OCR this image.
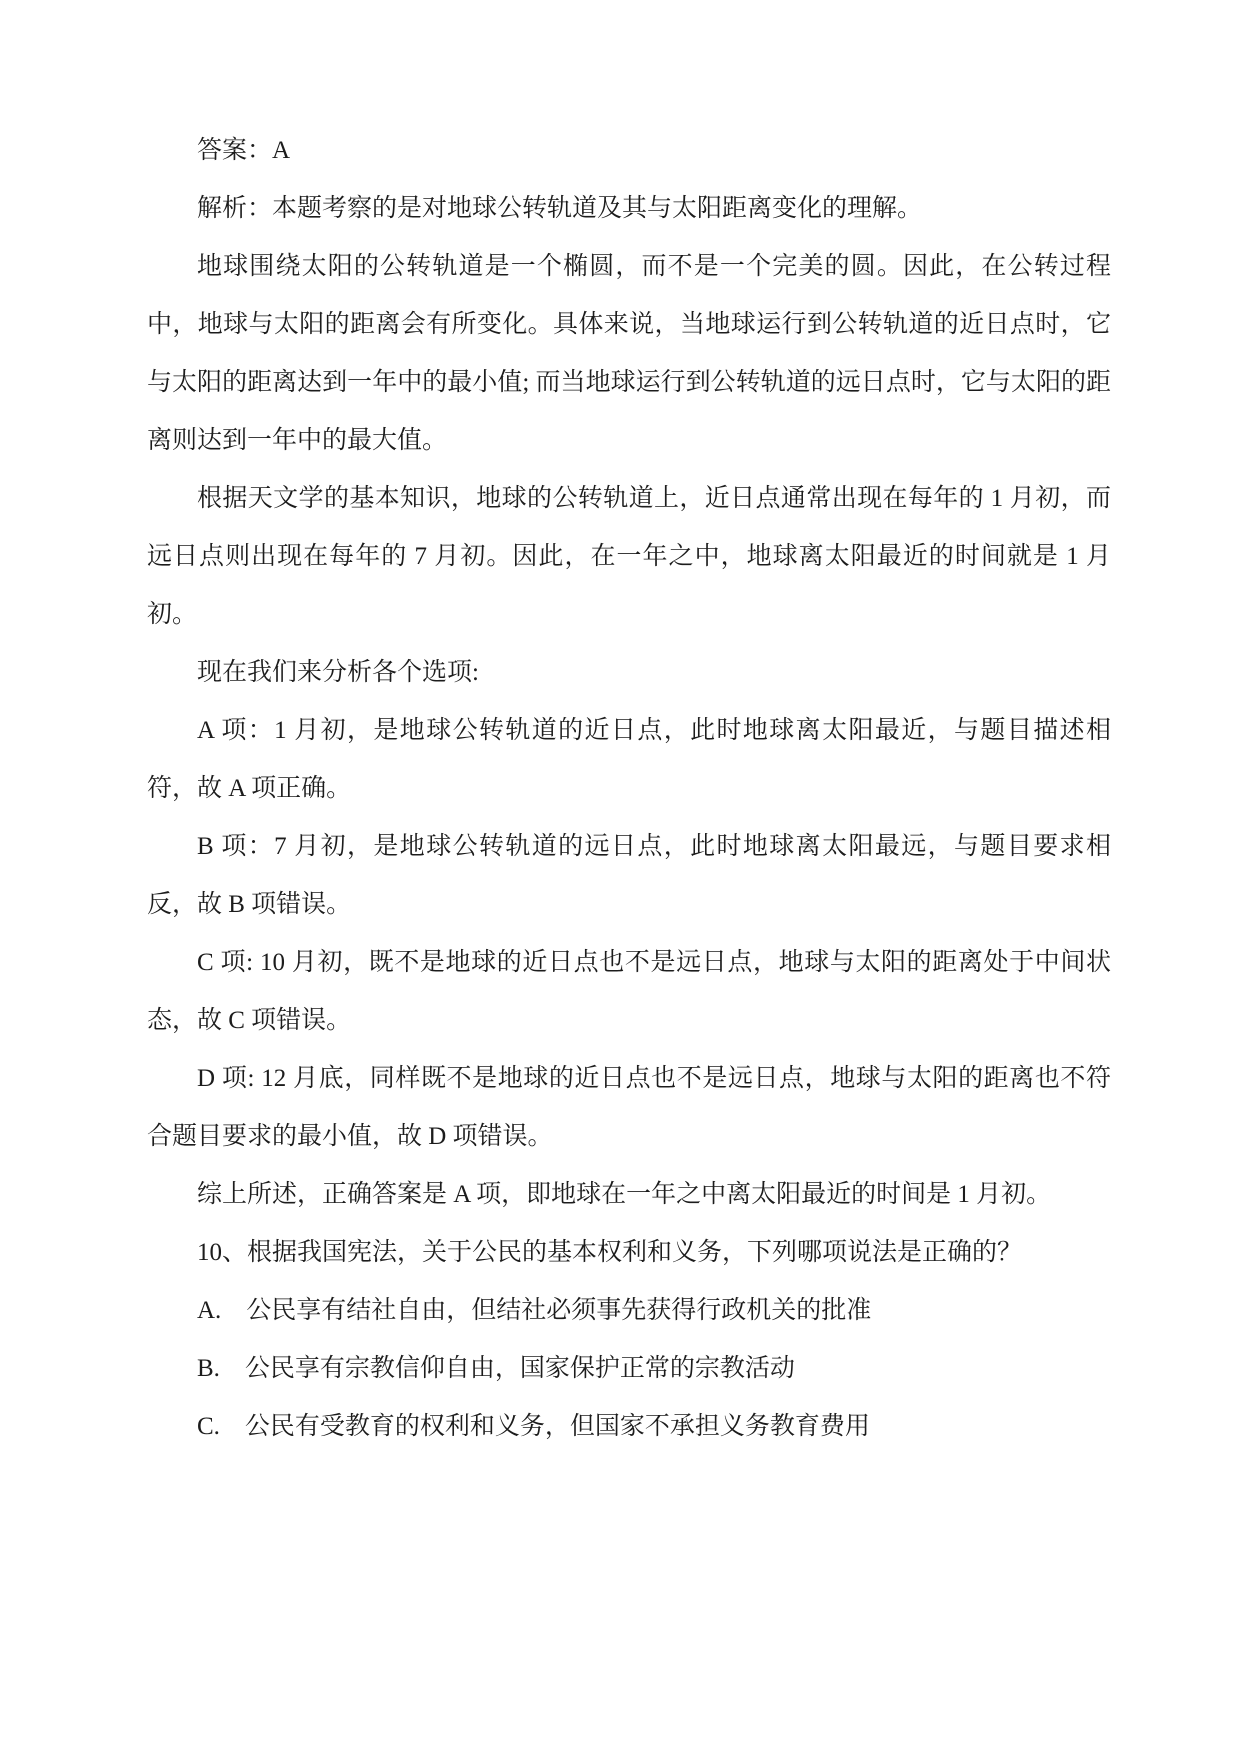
答案：A

解析：本题考察的是对地球公转轨道及其与太阳距离变化的理解。

地球围绕太阳的公转轨道是一个椭圆，而不是一个完美的圆。因此，在公转过程中，地球与太阳的距离会有所变化。具体来说，当地球运行到公转轨道的近日点时，它与太阳的距离达到一年中的最小值; 而当地球运行到公转轨道的远日点时，它与太阳的距离则达到一年中的最大值。

根据天文学的基本知识，地球的公转轨道上，近日点通常出现在每年的 1 月初，而远日点则出现在每年的 7 月初。因此，在一年之中，地球离太阳最近的时间就是 1 月初。

现在我们来分析各个选项:

A 项：1 月初，是地球公转轨道的近日点，此时地球离太阳最近，与题目描述相符，故 A 项正确。

B 项：7 月初，是地球公转轨道的远日点，此时地球离太阳最远，与题目要求相反，故 B 项错误。

C 项: 10 月初，既不是地球的近日点也不是远日点，地球与太阳的距离处于中间状态，故 C 项错误。

D 项: 12 月底，同样既不是地球的近日点也不是远日点，地球与太阳的距离也不符合题目要求的最小值，故 D 项错误。

综上所述，正确答案是 A 项，即地球在一年之中离太阳最近的时间是 1 月初。

10、根据我国宪法，关于公民的基本权利和义务，下列哪项说法是正确的？

A.　公民享有结社自由，但结社必须事先获得行政机关的批准

B.　公民享有宗教信仰自由，国家保护正常的宗教活动

C.　公民有受教育的权利和义务，但国家不承担义务教育费用
